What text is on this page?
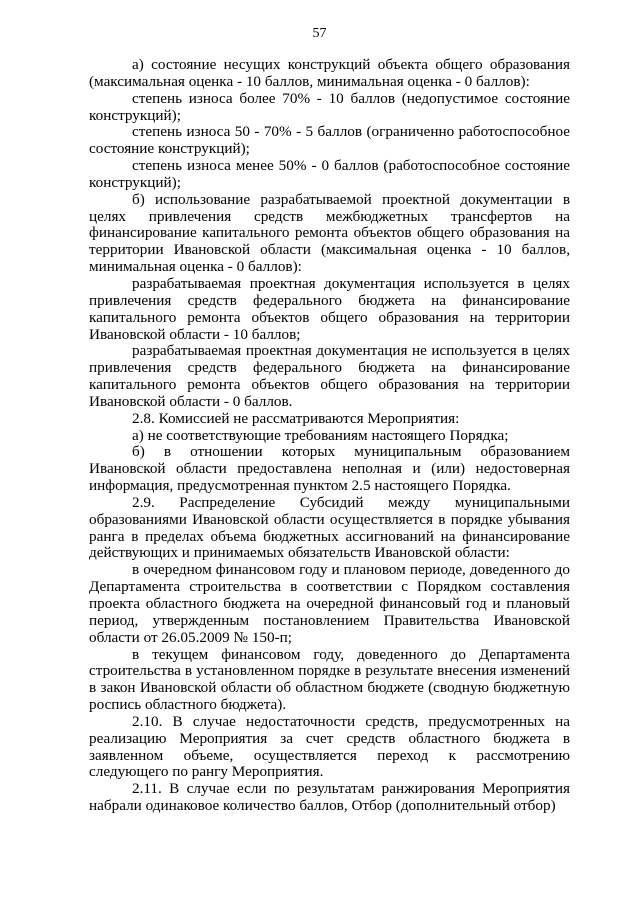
57

а) состояние несущих конструкций объекта общего образования (максимальная оценка - 10 баллов, минимальная оценка - 0 баллов):

степень износа более 70% - 10 баллов (недопустимое состояние конструкций);

степень износа 50 - 70% - 5 баллов (ограниченно работоспособное состояние конструкций);

степень износа менее 50% - 0 баллов (работоспособное состояние конструкций);

б) использование разрабатываемой проектной документации в целях привлечения средств межбюджетных трансфертов на финансирование капитального ремонта объектов общего образования на территории Ивановской области (максимальная оценка - 10 баллов, минимальная оценка - 0 баллов):

разрабатываемая проектная документация используется в целях привлечения средств федерального бюджета на финансирование капитального ремонта объектов общего образования на территории Ивановской области - 10 баллов;

разрабатываемая проектная документация не используется в целях привлечения средств федерального бюджета на финансирование капитального ремонта объектов общего образования на территории Ивановской области - 0 баллов.

2.8. Комиссией не рассматриваются Мероприятия:

а) не соответствующие требованиям настоящего Порядка;

б) в отношении которых муниципальным образованием Ивановской области предоставлена неполная и (или) недостоверная информация, предусмотренная пунктом 2.5 настоящего Порядка.

2.9. Распределение Субсидий между муниципальными образованиями Ивановской области осуществляется в порядке убывания ранга в пределах объема бюджетных ассигнований на финансирование действующих и принимаемых обязательств Ивановской области:

в очередном финансовом году и плановом периоде, доведенного до Департамента строительства в соответствии с Порядком составления проекта областного бюджета на очередной финансовый год и плановый период, утвержденным постановлением Правительства Ивановской области от 26.05.2009 № 150-п;

в текущем финансовом году, доведенного до Департамента строительства в установленном порядке в результате внесения изменений в закон Ивановской области об областном бюджете (сводную бюджетную роспись областного бюджета).

2.10. В случае недостаточности средств, предусмотренных на реализацию Мероприятия за счет средств областного бюджета в заявленном объеме, осуществляется переход к рассмотрению следующего по рангу Мероприятия.

2.11. В случае если по результатам ранжирования Мероприятия набрали одинаковое количество баллов, Отбор (дополнительный отбор)
